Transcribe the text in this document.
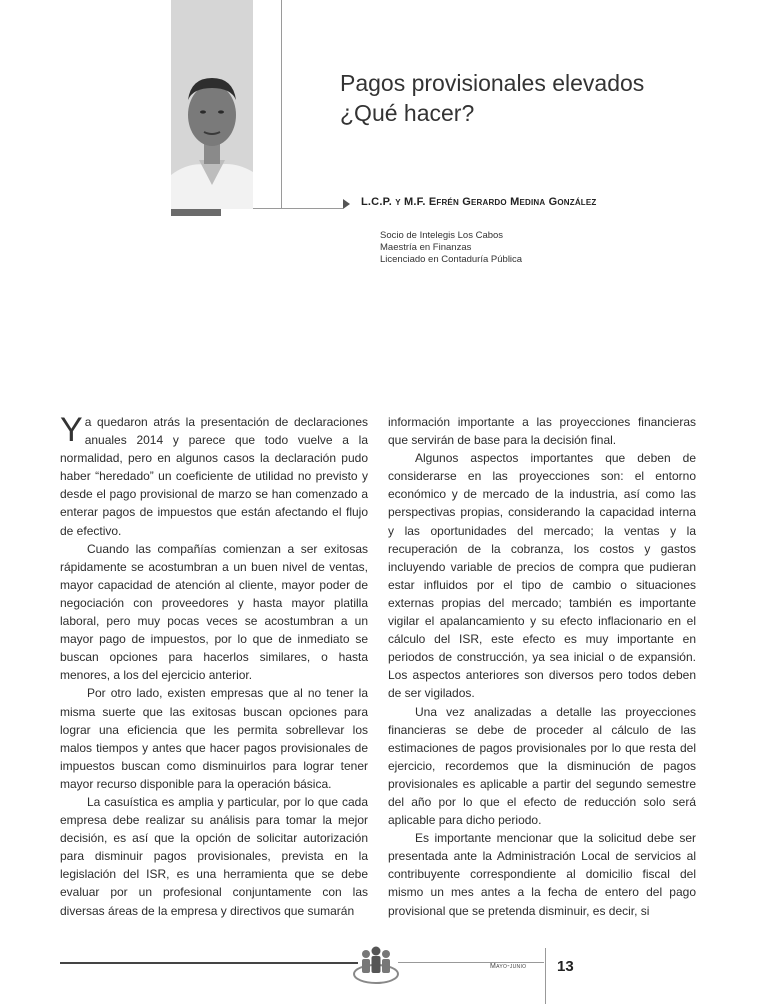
Pagos provisionales elevados
¿Qué hacer?
L.C.P. y M.F. Efrén Gerardo Medina González
Socio de Intelegis Los Cabos
Maestría en Finanzas
Licenciado en Contaduría Pública

Ya quedaron atrás la presentación de declaraciones anuales 2014 y parece que todo vuelve a la normalidad, pero en algunos casos la declaración pudo haber “heredado” un coeficiente de utilidad no previsto y desde el pago provisional de marzo se han comenzado a enterar pagos de impuestos que están afectando el flujo de efectivo.

Cuando las compañías comienzan a ser exitosas rápidamente se acostumbran a un buen nivel de ventas, mayor capacidad de atención al cliente, mayor poder de negociación con proveedores y hasta mayor platilla laboral, pero muy pocas veces se acostumbran a un mayor pago de impuestos, por lo que de inmediato se buscan opciones para hacerlos similares, o hasta menores, a los del ejercicio anterior.

Por otro lado, existen empresas que al no tener la misma suerte que las exitosas buscan opciones para lograr una eficiencia que les permita sobrellevar los malos tiempos y antes que hacer pagos provisionales de impuestos buscan como disminuirlos para lograr tener mayor recurso disponible para la operación básica.

La casuística es amplia y particular, por lo que cada empresa debe realizar su análisis para tomar la mejor decisión, es así que la opción de solicitar autorización para disminuir pagos provisionales, prevista en la legislación del ISR, es una herramienta que se debe evaluar por un profesional conjuntamente con las diversas áreas de la empresa y directivos que sumarán

información importante a las proyecciones financieras que servirán de base para la decisión final.

Algunos aspectos importantes que deben de considerarse en las proyecciones son: el entorno económico y de mercado de la industria, así como las perspectivas propias, considerando la capacidad interna y las oportunidades del mercado; la ventas y la recuperación de la cobranza, los costos y gastos incluyendo variable de precios de compra que pudieran estar influidos por el tipo de cambio o situaciones externas propias del mercado; también es importante vigilar el apalancamiento y su efecto inflacionario en el cálculo del ISR, este efecto es muy importante en periodos de construcción, ya sea inicial o de expansión. Los aspectos anteriores son diversos pero todos deben de ser vigilados.

Una vez analizadas a detalle las proyecciones financieras se debe de proceder al cálculo de las estimaciones de pagos provisionales por lo que resta del ejercicio, recordemos que la disminución de pagos provisionales es aplicable a partir del segundo semestre del año por lo que el efecto de reducción solo será aplicable para dicho periodo.

Es importante mencionar que la solicitud debe ser presentada ante la Administración Local de servicios al contribuyente correspondiente al domicilio fiscal del mismo un mes antes a la fecha de entero del pago provisional que se pretenda disminuir, es decir, si

Mayo-junio 13
